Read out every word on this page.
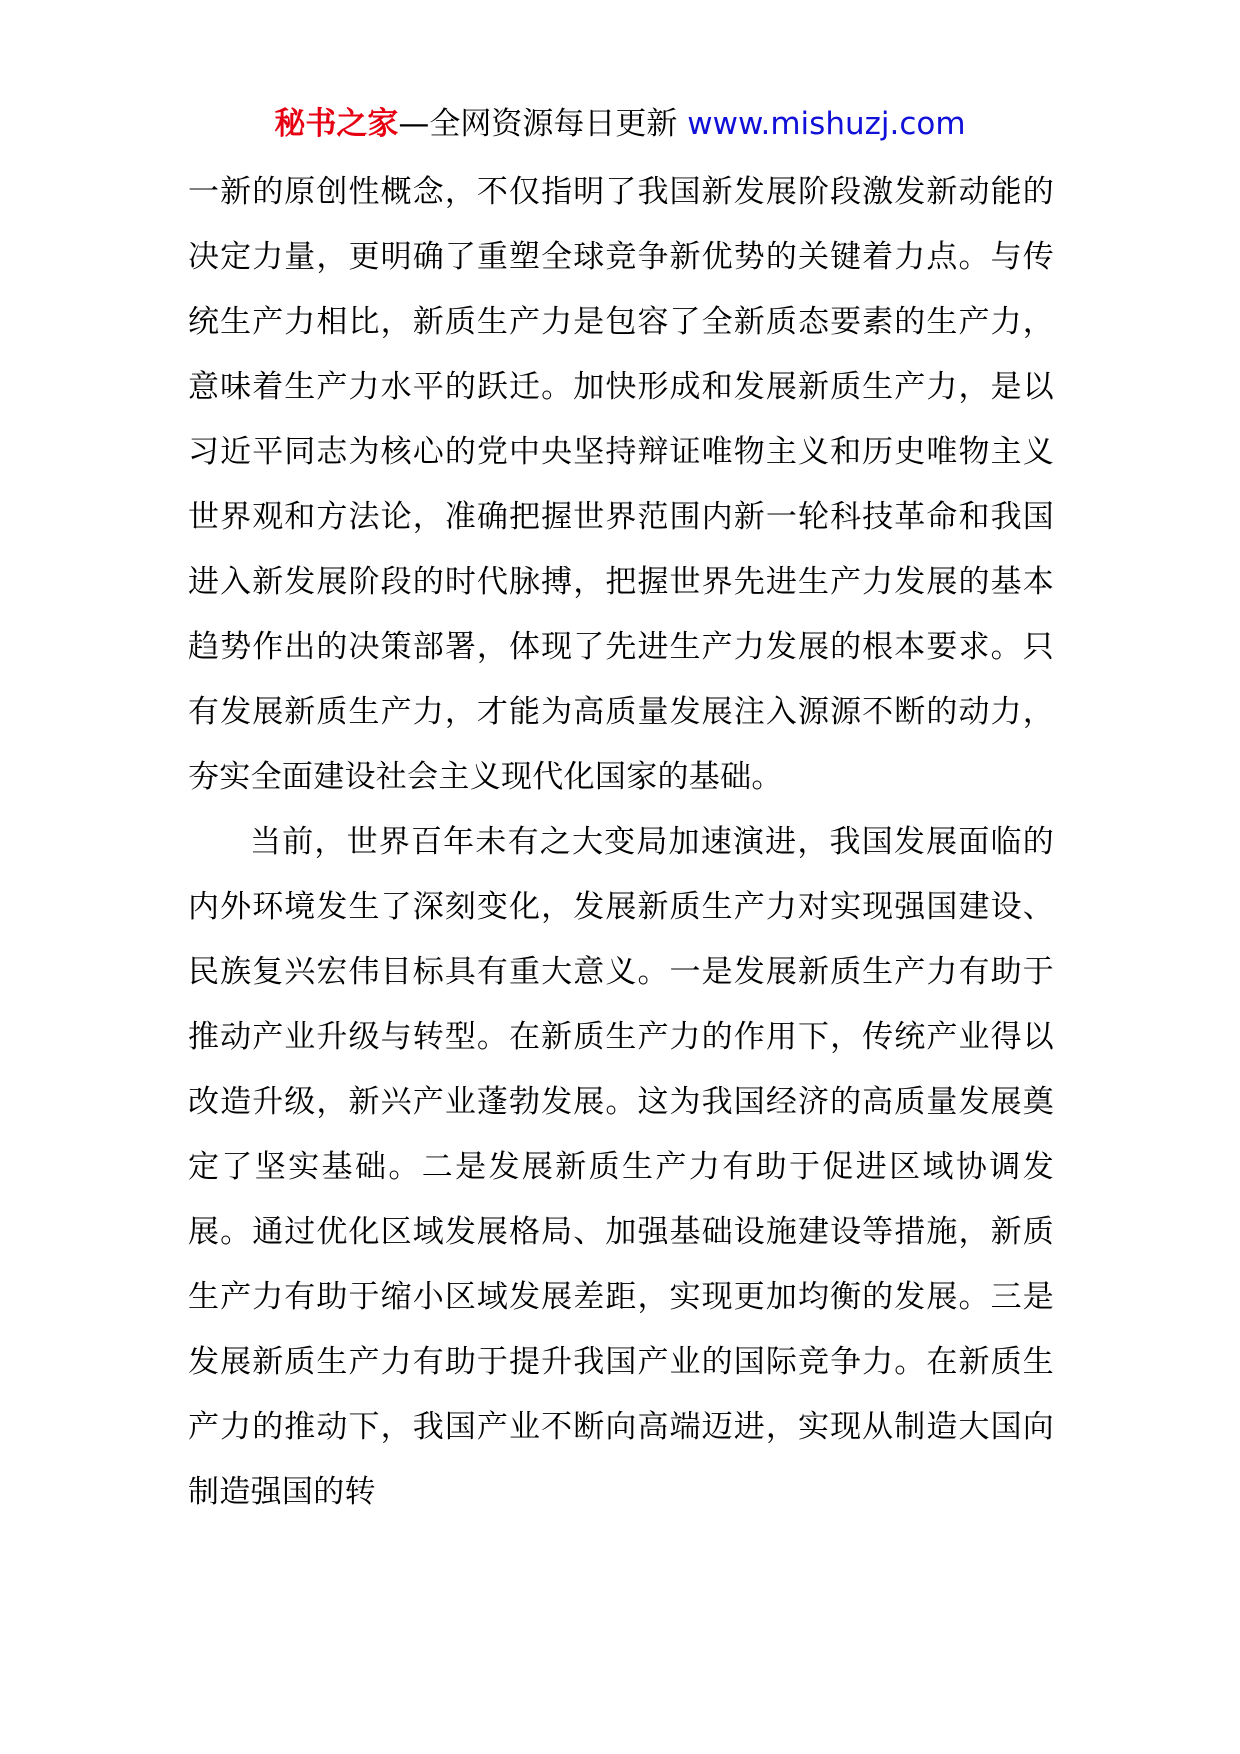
秘书之家—全网资源每日更新 www.mishuzj.com

一新的原创性概念，不仅指明了我国新发展阶段激发新动能的决定力量，更明确了重塑全球竞争新优势的关键着力点。与传统生产力相比，新质生产力是包容了全新质态要素的生产力，意味着生产力水平的跃迁。加快形成和发展新质生产力，是以习近平同志为核心的党中央坚持辩证唯物主义和历史唯物主义世界观和方法论，准确把握世界范围内新一轮科技革命和我国进入新发展阶段的时代脉搏，把握世界先进生产力发展的基本趋势作出的决策部署，体现了先进生产力发展的根本要求。只有发展新质生产力，才能为高质量发展注入源源不断的动力，夯实全面建设社会主义现代化国家的基础。

当前，世界百年未有之大变局加速演进，我国发展面临的内外环境发生了深刻变化，发展新质生产力对实现强国建设、民族复兴宏伟目标具有重大意义。一是发展新质生产力有助于推动产业升级与转型。在新质生产力的作用下，传统产业得以改造升级，新兴产业蓬勃发展。这为我国经济的高质量发展奠定了坚实基础。二是发展新质生产力有助于促进区域协调发展。通过优化区域发展格局、加强基础设施建设等措施，新质生产力有助于缩小区域发展差距，实现更加均衡的发展。三是发展新质生产力有助于提升我国产业的国际竞争力。在新质生产力的推动下，我国产业不断向高端迈进，实现从制造大国向制造强国的转
